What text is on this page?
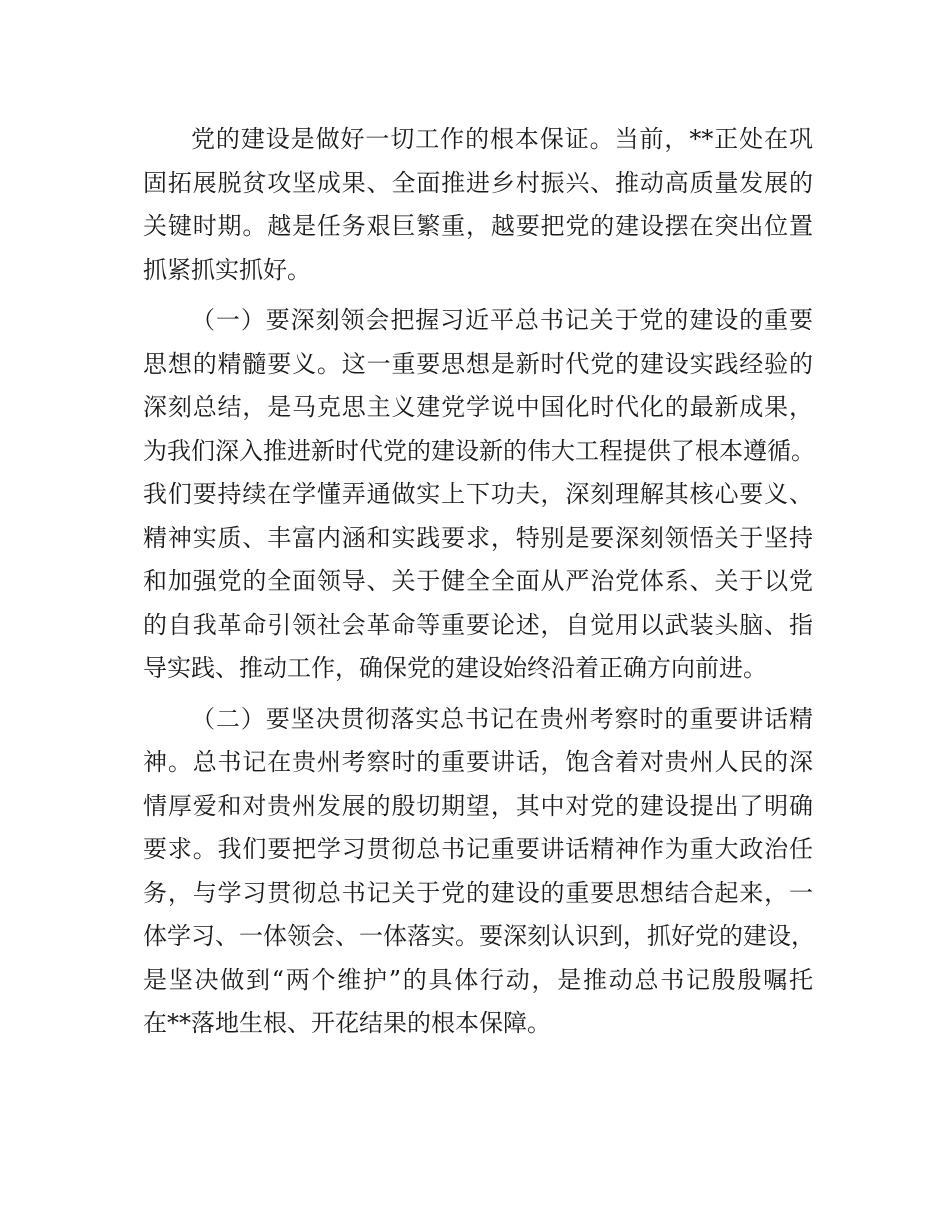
党的建设是做好一切工作的根本保证。当前，**正处在巩
固拓展脱贫攻坚成果、全面推进乡村振兴、推动高质量发展的
关键时期。越是任务艰巨繁重，越要把党的建设摆在突出位置
抓紧抓实抓好。
（一）要深刻领会把握习近平总书记关于党的建设的重要
思想的精髓要义。这一重要思想是新时代党的建设实践经验的
深刻总结，是马克思主义建党学说中国化时代化的最新成果，
为我们深入推进新时代党的建设新的伟大工程提供了根本遵循。
我们要持续在学懂弄通做实上下功夫，深刻理解其核心要义、
精神实质、丰富内涵和实践要求，特别是要深刻领悟关于坚持
和加强党的全面领导、关于健全全面从严治党体系、关于以党
的自我革命引领社会革命等重要论述，自觉用以武装头脑、指
导实践、推动工作，确保党的建设始终沿着正确方向前进。
（二）要坚决贯彻落实总书记在贵州考察时的重要讲话精
神。总书记在贵州考察时的重要讲话，饱含着对贵州人民的深
情厚爱和对贵州发展的殷切期望，其中对党的建设提出了明确
要求。我们要把学习贯彻总书记重要讲话精神作为重大政治任
务，与学习贯彻总书记关于党的建设的重要思想结合起来，一
体学习、一体领会、一体落实。要深刻认识到，抓好党的建设，
是坚决做到“两个维护”的具体行动，是推动总书记殷殷嘱托
在**落地生根、开花结果的根本保障。
